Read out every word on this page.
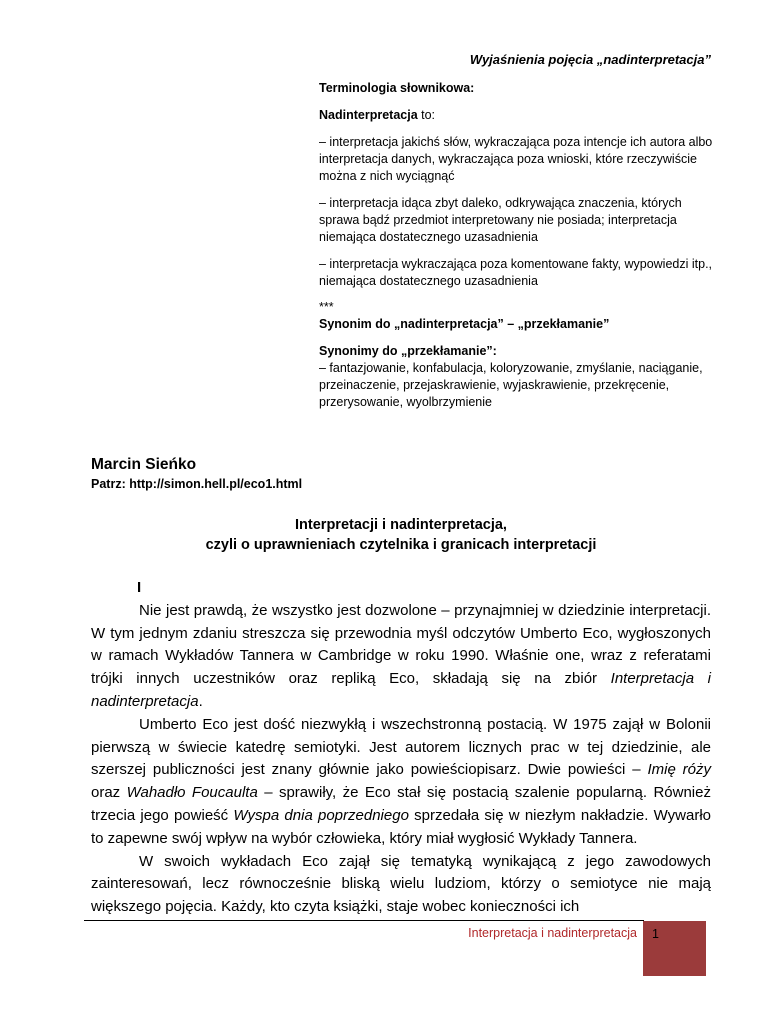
Wyjaśnienia pojęcia „nadinterpretacja”

Terminologia słownikowa:

Nadinterpretacja to:

– interpretacja jakichś słów, wykraczająca poza intencje ich autora albo interpretacja danych, wykraczająca poza wnioski, które rzeczywiście można z nich wyciągnąć

– interpretacja idąca zbyt daleko, odkrywająca znaczenia, których sprawa bądź przedmiot interpretowany nie posiada; interpretacja niemająca dostatecznego uzasadnienia

– interpretacja wykraczająca poza komentowane fakty, wypowiedzi itp., niemająca dostatecznego uzasadnienia

***

Synonim do „nadinterpretacja” – „przekłamanie”

Synonimy do „przekłamanie”:

– fantazjowanie, konfabulacja, koloryzowanie, zmyślanie, naciąganie, przeinaczenie, przejaskrawienie, wyjaskrawienie, przekręcenie, przerysowanie, wyolbrzymienie

Marcin Sieńko

Patrz: http://simon.hell.pl/eco1.html

Interpretacji i nadinterpretacja,

czyli o uprawnieniach czytelnika i granicach interpretacji

I

Nie jest prawdą, że wszystko jest dozwolone – przynajmniej w dziedzinie interpretacji. W tym jednym zdaniu streszcza się przewodnia myśl odczytów Umberto Eco, wygłoszonych w ramach Wykładów Tannera w Cambridge w roku 1990. Właśnie one, wraz z referatami trójki innych uczestników oraz repliką Eco, składają się na zbiór Interpretacja i nadinterpretacja.

Umberto Eco jest dość niezwykłą i wszechstronną postacią. W 1975 zajął w Bolonii pierwszą w świecie katedrę semiotyki. Jest autorem licznych prac w tej dziedzinie, ale szerszej publiczności jest znany głównie jako powieściopisarz. Dwie powieści – Imię róży oraz Wahadło Foucaulta – sprawiły, że Eco stał się postacią szalenie popularną. Również trzecia jego powieść Wyspa dnia poprzedniego sprzedała się w niezłym nakładzie. Wywarło to zapewne swój wpływ na wybór człowieka, który miał wygłosić Wykłady Tannera.

W swoich wykładach Eco zajął się tematyką wynikającą z jego zawodowych zainteresowań, lecz równocześnie bliską wielu ludziom, którzy o semiotyce nie mają większego pojęcia. Każdy, kto czyta książki, staje wobec konieczności ich

Interpretacja i nadinterpretacja 1
